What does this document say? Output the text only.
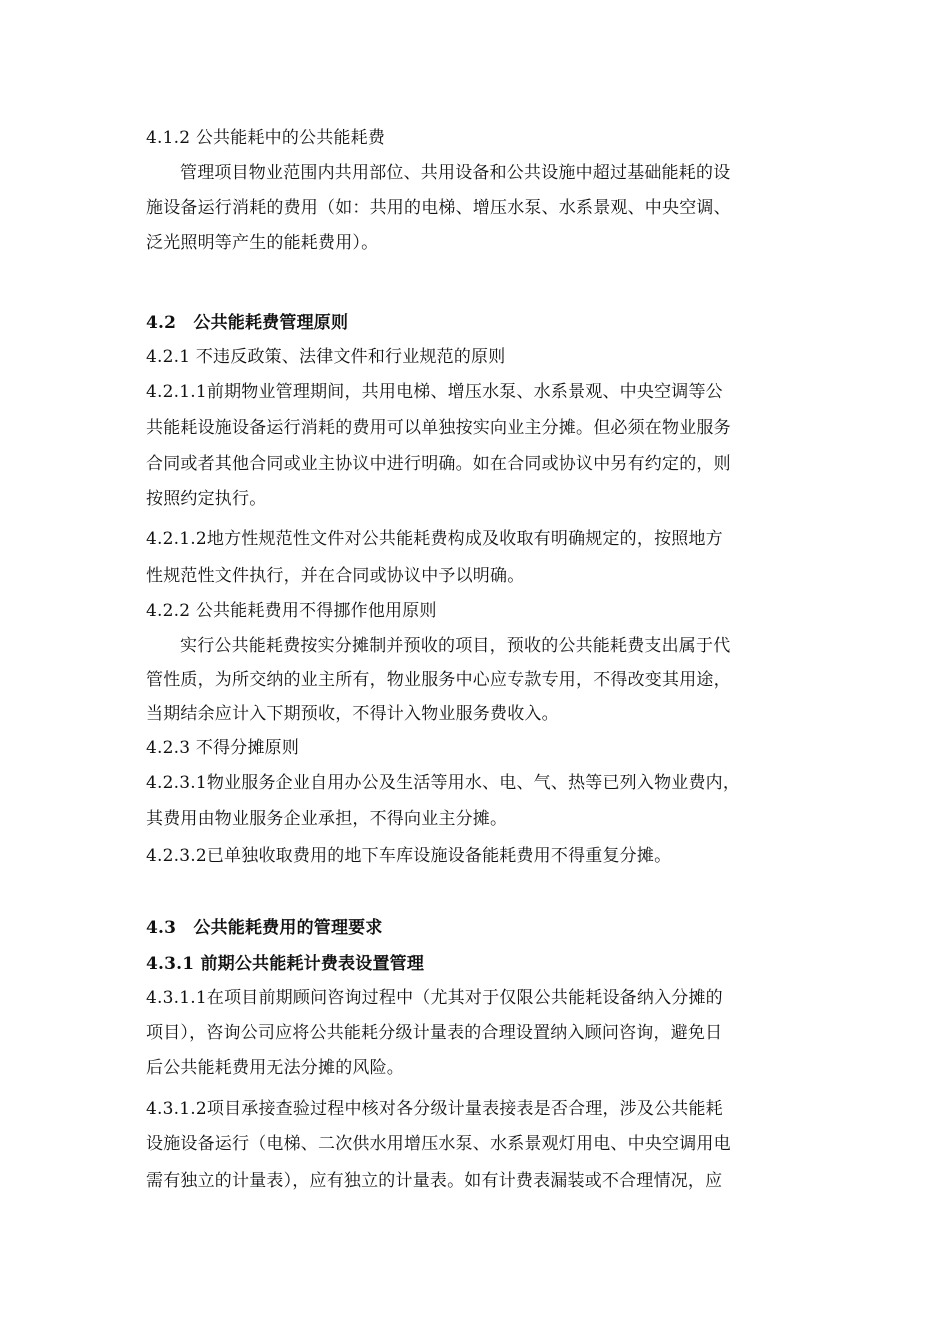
4.1.2 公共能耗中的公共能耗费
管理项目物业范围内共用部位、共用设备和公共设施中超过基础能耗的设
施设备运行消耗的费用（如：共用的电梯、增压水泵、水系景观、中央空调、
泛光照明等产生的能耗费用）。
4.2　公共能耗费管理原则
4.2.1 不违反政策、法律文件和行业规范的原则
4.2.1.1前期物业管理期间，共用电梯、增压水泵、水系景观、中央空调等公
共能耗设施设备运行消耗的费用可以单独按实向业主分摊。但必须在物业服务
合同或者其他合同或业主协议中进行明确。如在合同或协议中另有约定的，则
按照约定执行。
4.2.1.2地方性规范性文件对公共能耗费构成及收取有明确规定的，按照地方
性规范性文件执行，并在合同或协议中予以明确。
4.2.2 公共能耗费用不得挪作他用原则
实行公共能耗费按实分摊制并预收的项目，预收的公共能耗费支出属于代
管性质，为所交纳的业主所有，物业服务中心应专款专用，不得改变其用途，
当期结余应计入下期预收，不得计入物业服务费收入。
4.2.3 不得分摊原则
4.2.3.1物业服务企业自用办公及生活等用水、电、气、热等已列入物业费内，
其费用由物业服务企业承担，不得向业主分摊。
4.2.3.2已单独收取费用的地下车库设施设备能耗费用不得重复分摊。
4.3　公共能耗费用的管理要求
4.3.1 前期公共能耗计费表设置管理
4.3.1.1在项目前期顾问咨询过程中（尤其对于仅限公共能耗设备纳入分摊的
项目），咨询公司应将公共能耗分级计量表的合理设置纳入顾问咨询，避免日
后公共能耗费用无法分摊的风险。
4.3.1.2项目承接查验过程中核对各分级计量表接表是否合理，涉及公共能耗
设施设备运行（电梯、二次供水用增压水泵、水系景观灯用电、中央空调用电
需有独立的计量表），应有独立的计量表。如有计费表漏装或不合理情况，应
